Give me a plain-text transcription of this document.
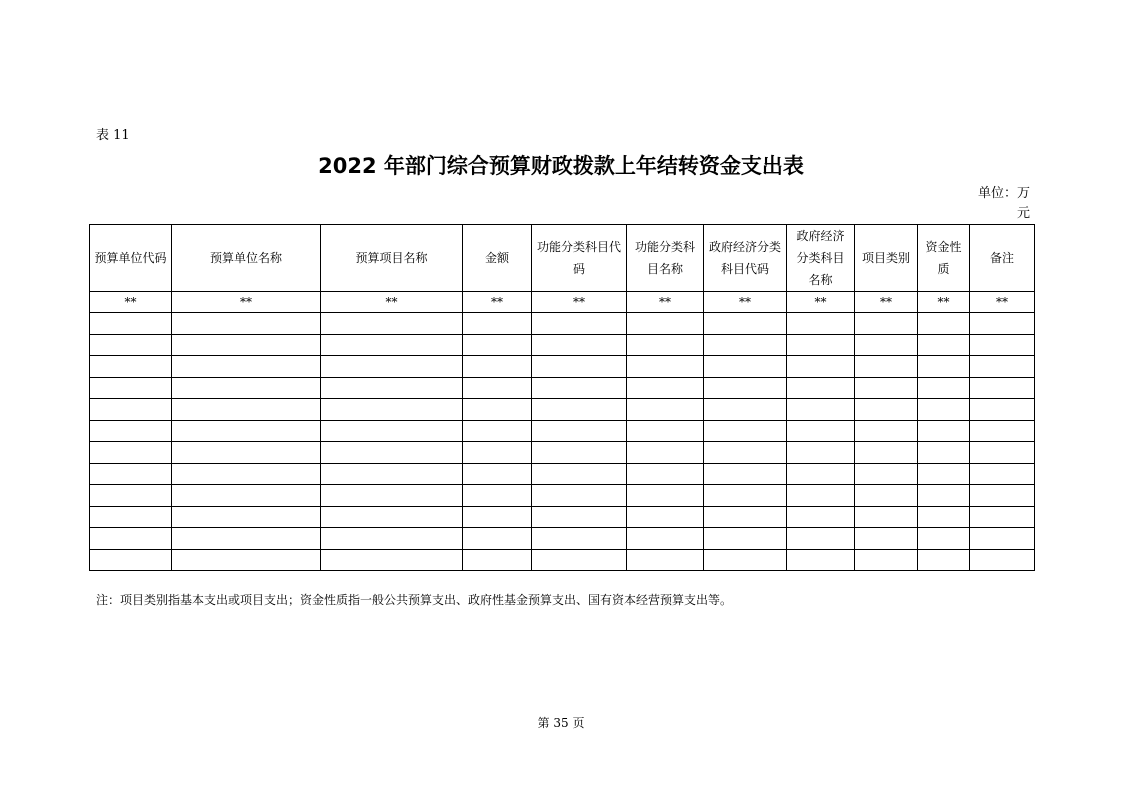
表 11
2022 年部门综合预算财政拨款上年结转资金支出表
单位：万元
预算单位代码	预算单位名称	预算项目名称	金额	功能分类科目代码	功能分类科目名称	政府经济分类科目代码	政府经济分类科目名称	项目类别	资金性质	备注
**	**	**	**	**	**	**	**	**	**	**

注：项目类别指基本支出或项目支出；资金性质指一般公共预算支出、政府性基金预算支出、国有资本经营预算支出等。
第 35 页
